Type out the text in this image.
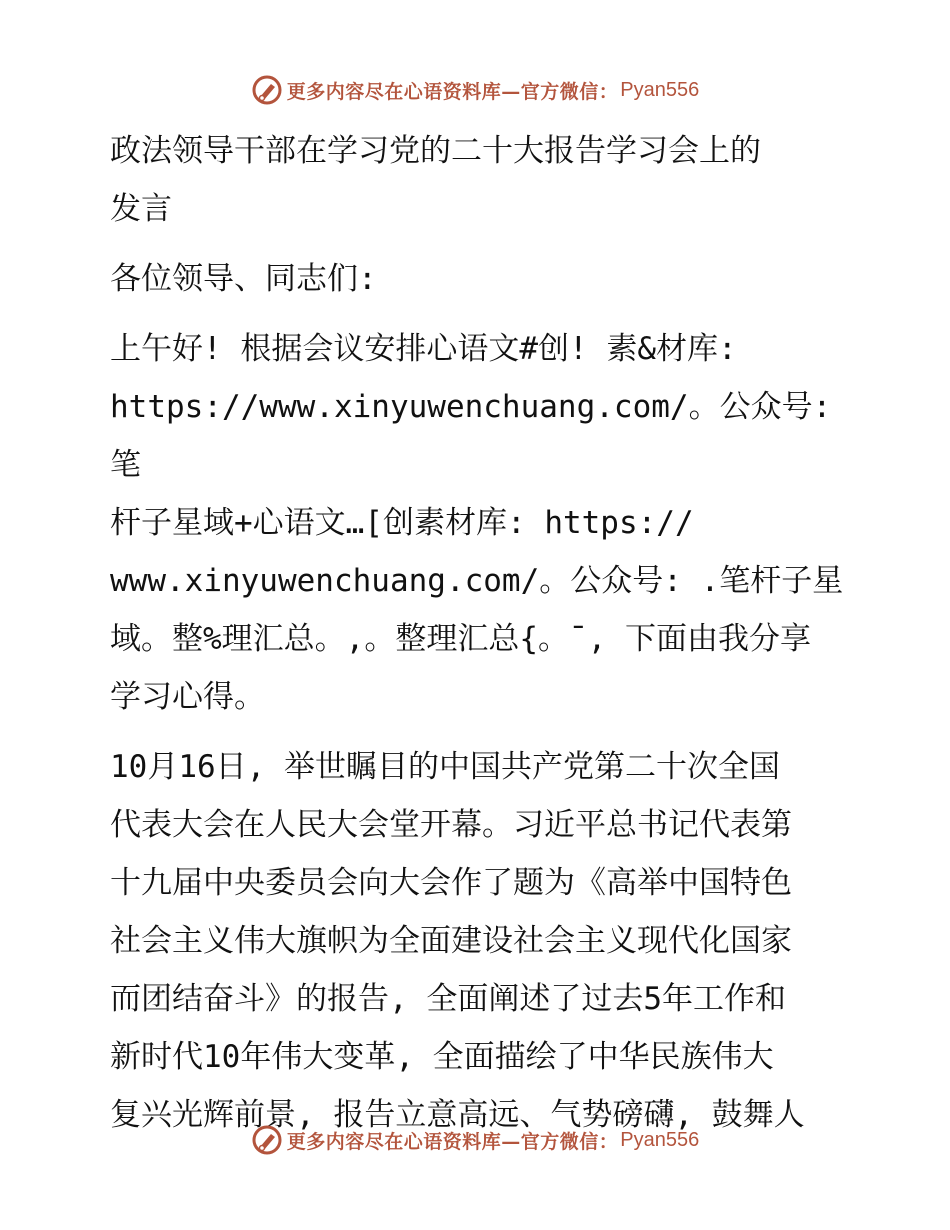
更多内容尽在心语资料库—官方微信： Pyan556

政法领导干部在学习党的二十大报告学习会上的
发言

各位领导、同志们:

上午好! 根据会议安排心语文#创! 素&材库:
https://www.xinyuwenchuang.com/。公众号: 笔
杆子星域+心语文…[创素材库: https://
www.xinyuwenchuang.com/。公众号: .笔杆子星
域。整%理汇总。,。整理汇总{。¯, 下面由我分享
学习心得。

10月16日, 举世瞩目的中国共产党第二十次全国
代表大会在人民大会堂开幕。习近平总书记代表第
十九届中央委员会向大会作了题为《高举中国特色
社会主义伟大旗帜为全面建设社会主义现代化国家
而团结奋斗》的报告, 全面阐述了过去5年工作和
新时代10年伟大变革, 全面描绘了中华民族伟大
复兴光辉前景, 报告立意高远、气势磅礴, 鼓舞人

更多内容尽在心语资料库—官方微信： Pyan556
